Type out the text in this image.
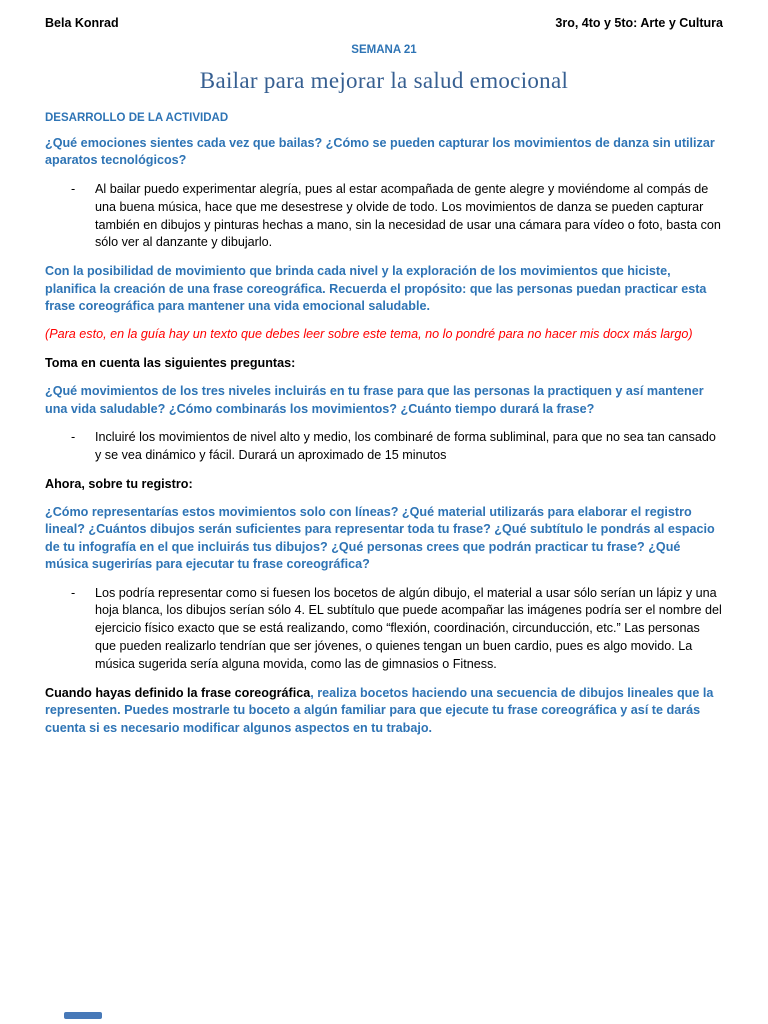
Bela Konrad	3ro, 4to y 5to: Arte y Cultura
SEMANA 21
Bailar para mejorar la salud emocional
DESARROLLO DE LA ACTIVIDAD
¿Qué emociones sientes cada vez que bailas? ¿Cómo se pueden capturar los movimientos de danza sin utilizar aparatos tecnológicos?
-	Al bailar puedo experimentar alegría, pues al estar acompañada de gente alegre y moviéndome al compás de una buena música, hace que me desestrese y olvide de todo. Los movimientos de danza se pueden capturar también en dibujos y pinturas hechas a mano, sin la necesidad de usar una cámara para vídeo o foto, basta con sólo ver al danzante y dibujarlo.
Con la posibilidad de movimiento que brinda cada nivel y la exploración de los movimientos que hiciste, planifica la creación de una frase coreográfica. Recuerda el propósito: que las personas puedan practicar esta frase coreográfica para mantener una vida emocional saludable.
(Para esto, en la guía hay un texto que debes leer sobre este tema, no lo pondré para no hacer mis docx más largo)
Toma en cuenta las siguientes preguntas:
¿Qué movimientos de los tres niveles incluirás en tu frase para que las personas la practiquen y así mantener una vida saludable? ¿Cómo combinarás los movimientos? ¿Cuánto tiempo durará la frase?
-	Incluiré los movimientos de nivel alto y medio, los combinaré de forma subliminal, para que no sea tan cansado y se vea dinámico y fácil. Durará un aproximado de 15 minutos
Ahora, sobre tu registro:
¿Cómo representarías estos movimientos solo con líneas? ¿Qué material utilizarás para elaborar el registro lineal? ¿Cuántos dibujos serán suficientes para representar toda tu frase? ¿Qué subtítulo le pondrás al espacio de tu infografía en el que incluirás tus dibujos? ¿Qué personas crees que podrán practicar tu frase? ¿Qué música sugerirías para ejecutar tu frase coreográfica?
-	Los podría representar como si fuesen los bocetos de algún dibujo, el material a usar sólo serían un lápiz y una hoja blanca, los dibujos serían sólo 4. EL subtítulo que puede acompañar las imágenes podría ser el nombre del ejercicio físico exacto que se está realizando, como “flexión, coordinación, circunducción, etc.” Las personas que pueden realizarlo tendrían que ser jóvenes, o quienes tengan un buen cardio, pues es algo movido. La música sugerida sería alguna movida, como las de gimnasios o Fitness.
Cuando hayas definido la frase coreográfica, realiza bocetos haciendo una secuencia de dibujos lineales que la representen. Puedes mostrarle tu boceto a algún familiar para que ejecute tu frase coreográfica y así te darás cuenta si es necesario modificar algunos aspectos en tu trabajo.
